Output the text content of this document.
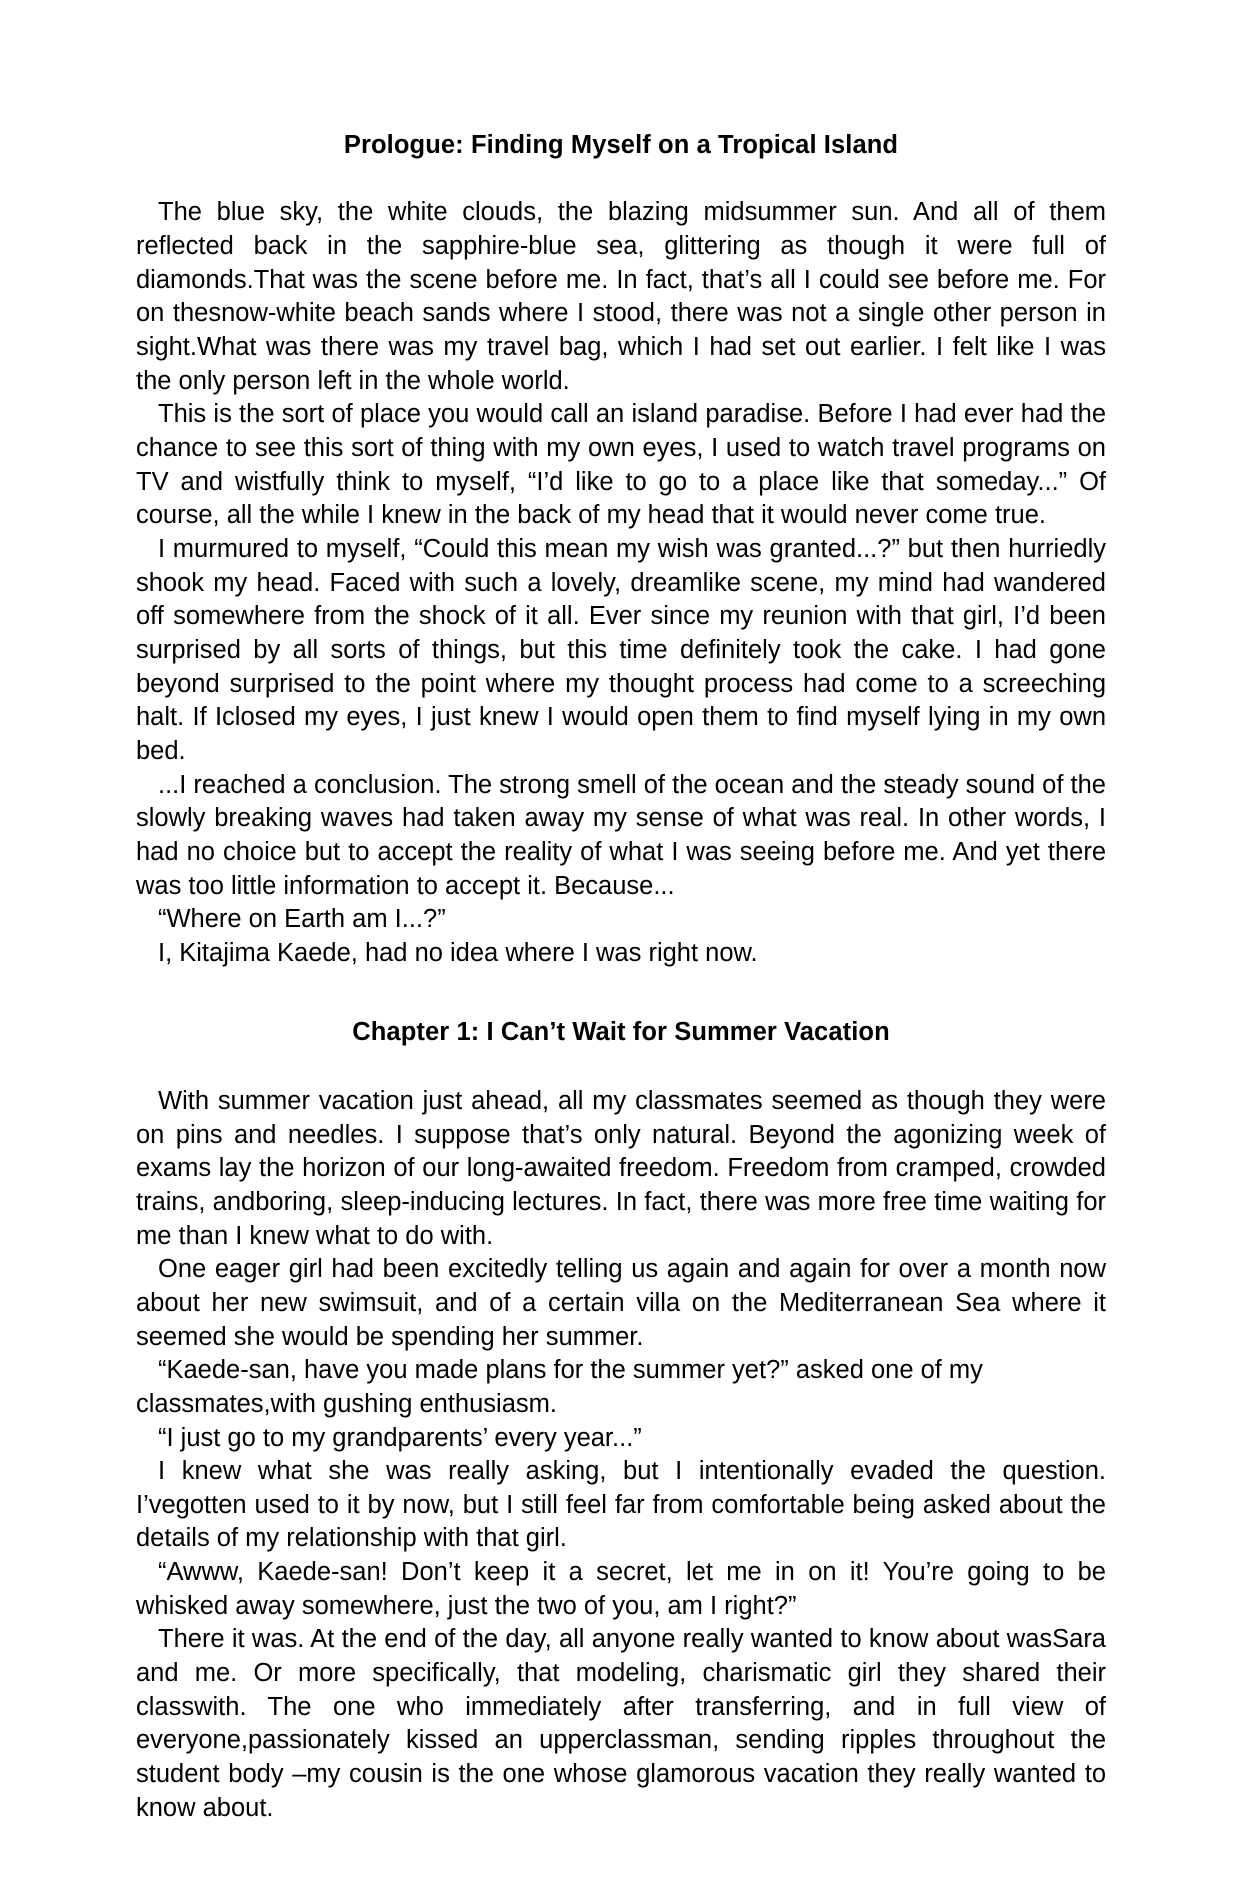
Prologue: Finding Myself on a Tropical Island

The blue sky, the white clouds, the blazing midsummer sun. And all of them reflected back in the sapphire-blue sea, glittering as though it were full of diamonds.That was the scene before me. In fact, that’s all I could see before me. For on thesnow-white beach sands where I stood, there was not a single other person in sight.What was there was my travel bag, which I had set out earlier. I felt like I was the only person left in the whole world.

This is the sort of place you would call an island paradise. Before I had ever had the chance to see this sort of thing with my own eyes, I used to watch travel programs on TV and wistfully think to myself, “I’d like to go to a place like that someday...” Of course, all the while I knew in the back of my head that it would never come true.

I murmured to myself, “Could this mean my wish was granted...?” but then hurriedly shook my head. Faced with such a lovely, dreamlike scene, my mind had wandered off somewhere from the shock of it all. Ever since my reunion with that girl, I’d been surprised by all sorts of things, but this time definitely took the cake. I had gone beyond surprised to the point where my thought process had come to a screeching halt. If Iclosed my eyes, I just knew I would open them to find myself lying in my own bed.

...I reached a conclusion. The strong smell of the ocean and the steady sound of the slowly breaking waves had taken away my sense of what was real. In other words, I had no choice but to accept the reality of what I was seeing before me. And yet there was too little information to accept it. Because...

“Where on Earth am I...?”

I, Kitajima Kaede, had no idea where I was right now.

Chapter 1: I Can’t Wait for Summer Vacation

With summer vacation just ahead, all my classmates seemed as though they were on pins and needles. I suppose that’s only natural. Beyond the agonizing week of exams lay the horizon of our long-awaited freedom. Freedom from cramped, crowded trains, andboring, sleep-inducing lectures. In fact, there was more free time waiting for me than I knew what to do with.

One eager girl had been excitedly telling us again and again for over a month now about her new swimsuit, and of a certain villa on the Mediterranean Sea where it seemed she would be spending her summer.

“Kaede-san, have you made plans for the summer yet?” asked one of my classmates,with gushing enthusiasm.

“I just go to my grandparents’ every year...”

I knew what she was really asking, but I intentionally evaded the question. I’vegotten used to it by now, but I still feel far from comfortable being asked about the details of my relationship with that girl.

“Awww, Kaede-san! Don’t keep it a secret, let me in on it! You’re going to be whisked away somewhere, just the two of you, am I right?”

There it was. At the end of the day, all anyone really wanted to know about wasSara and me. Or more specifically, that modeling, charismatic girl they shared their classwith. The one who immediately after transferring, and in full view of everyone,passionately kissed an upperclassman, sending ripples throughout the student body –my cousin is the one whose glamorous vacation they really wanted to know about.
